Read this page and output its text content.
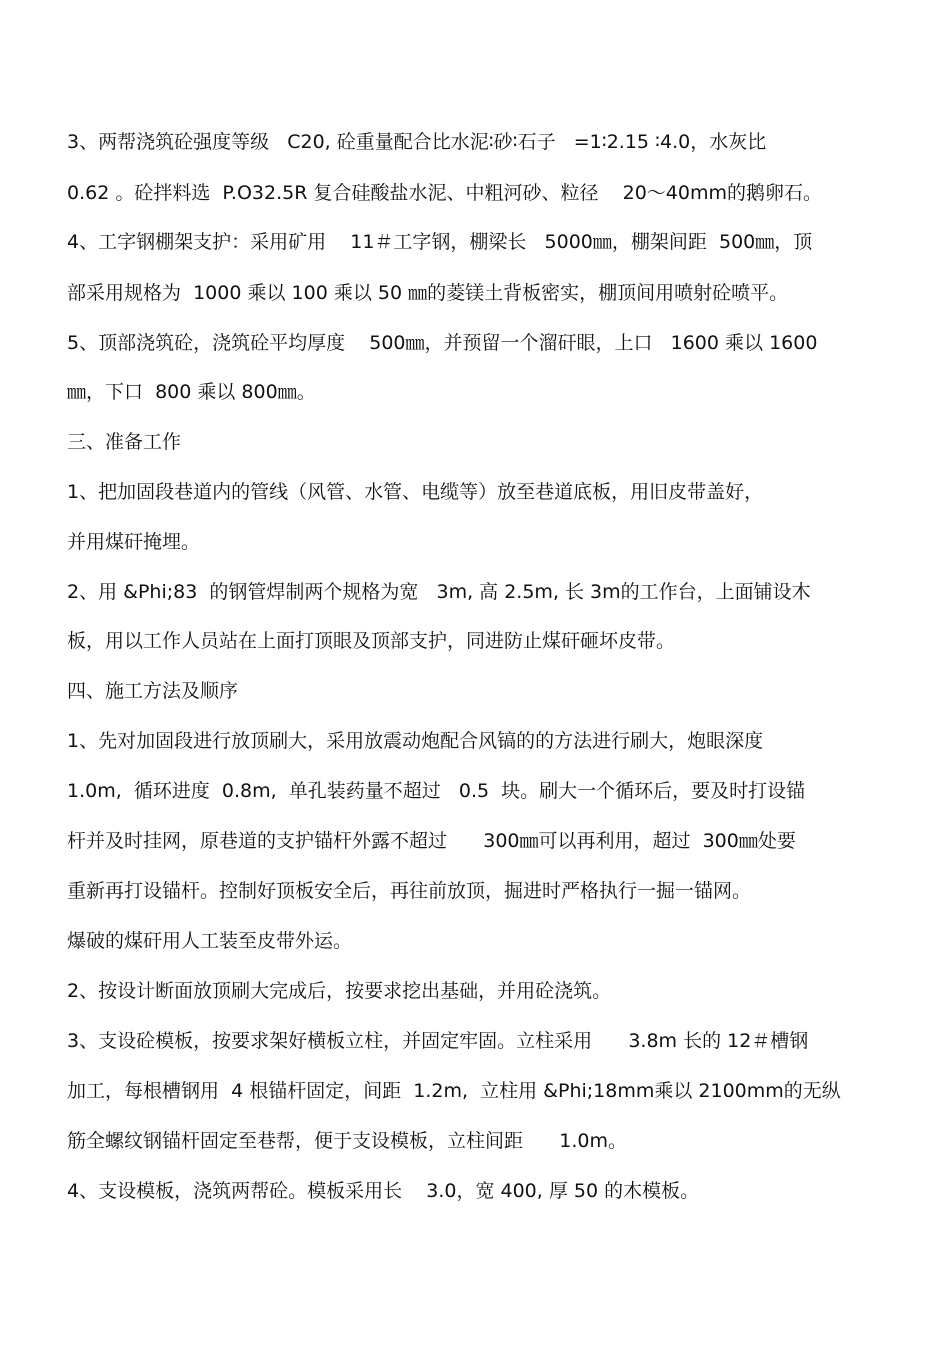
3、两帮浇筑砼强度等级   C20, 砼重量配合比水泥∶砂∶石子   =1∶2.15 ∶4.0，水灰比
0.62 。砼拌料选  P.O32.5R 复合硅酸盐水泥、中粗河砂、粒径    20～40mm的鹅卵石。
4、工字钢棚架支护：采用矿用    11＃工字钢，棚梁长   5000㎜，棚架间距  500㎜，顶
部采用规格为  1000 乘以 100 乘以 50 ㎜的菱镁土背板密实，棚顶间用喷射砼喷平。
5、顶部浇筑砼，浇筑砼平均厚度    500㎜，并预留一个溜矸眼，上口   1600 乘以 1600
㎜，下口  800 乘以 800㎜。
三、准备工作
1、把加固段巷道内的管线（风管、水管、电缆等）放至巷道底板，用旧皮带盖好，
并用煤矸掩埋。
2、用 &Phi;83  的钢管焊制两个规格为宽   3m, 高 2.5m, 长 3m的工作台，上面铺设木
板，用以工作人员站在上面打顶眼及顶部支护，同进防止煤矸砸坏皮带。
四、施工方法及顺序
1、先对加固段进行放顶刷大，采用放震动炮配合风镐的的方法进行刷大，炮眼深度
1.0m,  循环进度  0.8m,  单孔装药量不超过   0.5  块。刷大一个循环后，要及时打设锚
杆并及时挂网，原巷道的支护锚杆外露不超过      300㎜可以再利用，超过  300㎜处要
重新再打设锚杆。控制好顶板安全后，再往前放顶，掘进时严格执行一掘一锚网。
爆破的煤矸用人工装至皮带外运。
2、按设计断面放顶刷大完成后，按要求挖出基础，并用砼浇筑。
3、支设砼模板，按要求架好横板立柱，并固定牢固。立柱采用      3.8m 长的 12＃槽钢
加工，每根槽钢用  4 根锚杆固定，间距  1.2m,  立柱用 &Phi;18mm乘以 2100mm的无纵
筋全螺纹钢锚杆固定至巷帮，便于支设模板，立柱间距      1.0m。
4、支设模板，浇筑两帮砼。模板采用长    3.0，宽 400, 厚 50 的木模板。
